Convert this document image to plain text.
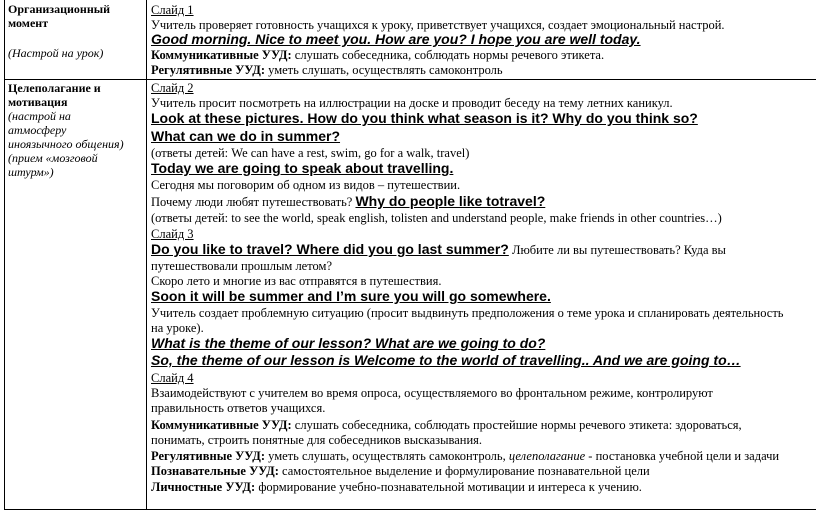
Организационный
момент
(Настрой на урок)
Слайд 1
Учитель проверяет готовность учащихся к уроку, приветствует учащихся, создает эмоциональный настрой.
Good morning. Nice to meet you. How are you? I hope you are well today.
Коммуникативные УУД: слушать собеседника, соблюдать нормы речевого этикета.
Регулятивные УУД: уметь слушать, осуществлять самоконтроль
Целеполагание и
мотивация
(настрой на
атмосферу
иноязычного общения)
(прием «мозговой
штурм»)
Слайд 2
Учитель просит посмотреть на иллюстрации на доске и проводит беседу на тему летних каникул.
Look at these pictures. How do you think what season is it? Why do you think so?
What can we do in summer?
(ответы детей: We can have a rest, swim, go for a walk, travel)
Today we are going to speak about travelling.
Сегодня мы поговорим об одном из видов – путешествии.
Почему люди любят путешествовать? Why do people like totravel?
(ответы детей: to see the world, speak english, tolisten and understand people, make friends in other countries…)
Слайд 3
Do you like to travel? Where did you go last summer? Любите ли вы путешествовать? Куда вы
путешествовали прошлым летом?
Скоро лето и многие из вас отправятся в путешествия.
Soon it will be summer and I’m sure you will go somewhere.
Учитель создает проблемную ситуацию (просит выдвинуть предположения о теме урока и спланировать деятельность
на уроке).
What is the theme of our lesson? What are we going to do?
So, the theme of our lesson is Welcome to the world of travelling.. And we are going to…
Слайд 4
Взаимодействуют с учителем во время опроса, осуществляемого во фронтальном режиме, контролируют
правильность ответов учащихся.
Коммуникативные УУД: слушать собеседника, соблюдать простейшие нормы речевого этикета: здороваться,
понимать, строить понятные для собеседников высказывания.
Регулятивные УУД: уметь слушать, осуществлять самоконтроль, целеполагание - постановка учебной цели и задачи
Познавательные УУД: самостоятельное выделение и формулирование познавательной цели
Личностные УУД: формирование учебно-познавательной мотивации и интереса к учению.
